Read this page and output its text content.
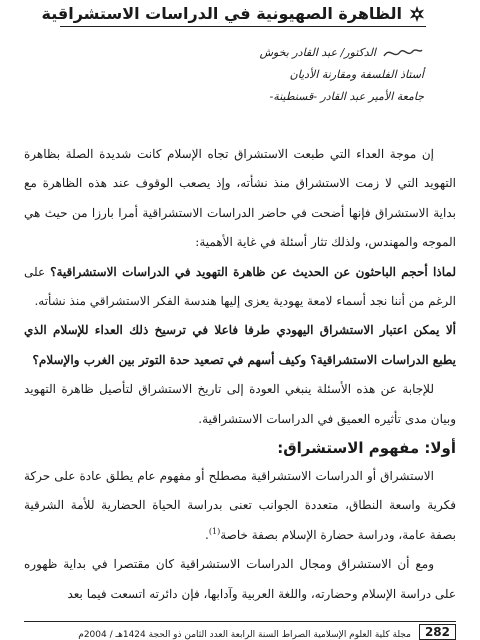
الظاهرة الصهيونية في الدراسات الاستشراقية
الدكتور/ عبد القادر بخوش
أستاذ الفلسفة ومقارنة الأديان
جامعة الأمير عبد القادر -قسنطينة-

إن موجة العداء التي طبعت الاستشراق تجاه الإسلام كانت شديدة الصلة بظاهرة التهويد التي لا زمت الاستشراق منذ نشأته، وإذ يصعب الوقوف عند هذه الظاهرة مع بداية الاستشراق فإنها أضحت في حاضر الدراسات الاستشراقية أمرا بارزا من حيث هي الموجه والمهندس، ولذلك تثار أسئلة في غاية الأهمية:

لماذا أحجم الباحثون عن الحديث عن ظاهرة التهويد في الدراسات الاستشراقية؟ على الرغم من أننا نجد أسماء لامعة يهودية يعزى إليها هندسة الفكر الاستشراقي منذ نشأته.

ألا يمكن اعتبار الاستشراق اليهودي طرفا فاعلا في ترسيخ ذلك العداء للإسلام الذي يطبع الدراسات الاستشراقية؟ وكيف أسهم في تصعيد حدة التوتر بين الغرب والإسلام؟

للإجابة عن هذه الأسئلة ينبغي العودة إلى تاريخ الاستشراق لتأصيل ظاهرة التهويد وبيان مدى تأثيره العميق في الدراسات الاستشراقية.

أولا: مفهوم الاستشراق:

الاستشراق أو الدراسات الاستشراقية مصطلح أو مفهوم عام يطلق عادة على حركة فكرية واسعة النطاق، متعددة الجوانب تعنى بدراسة الحياة الحضارية للأمة الشرقية بصفة عامة، ودراسة حضارة الإسلام بصفة خاصة$^{(1)}$.

ومع أن الاستشراق ومجال الدراسات الاستشراقية كان مقتصرا في بداية ظهوره على دراسة الإسلام وحضارته، واللغة العربية وآدابها، فإن دائرته اتسعت فيما بعد

282
مجلة كلية العلوم الإسلامية الصراط السنة الرابعة العدد الثامن ذو الحجة 1424هـ / 2004م
